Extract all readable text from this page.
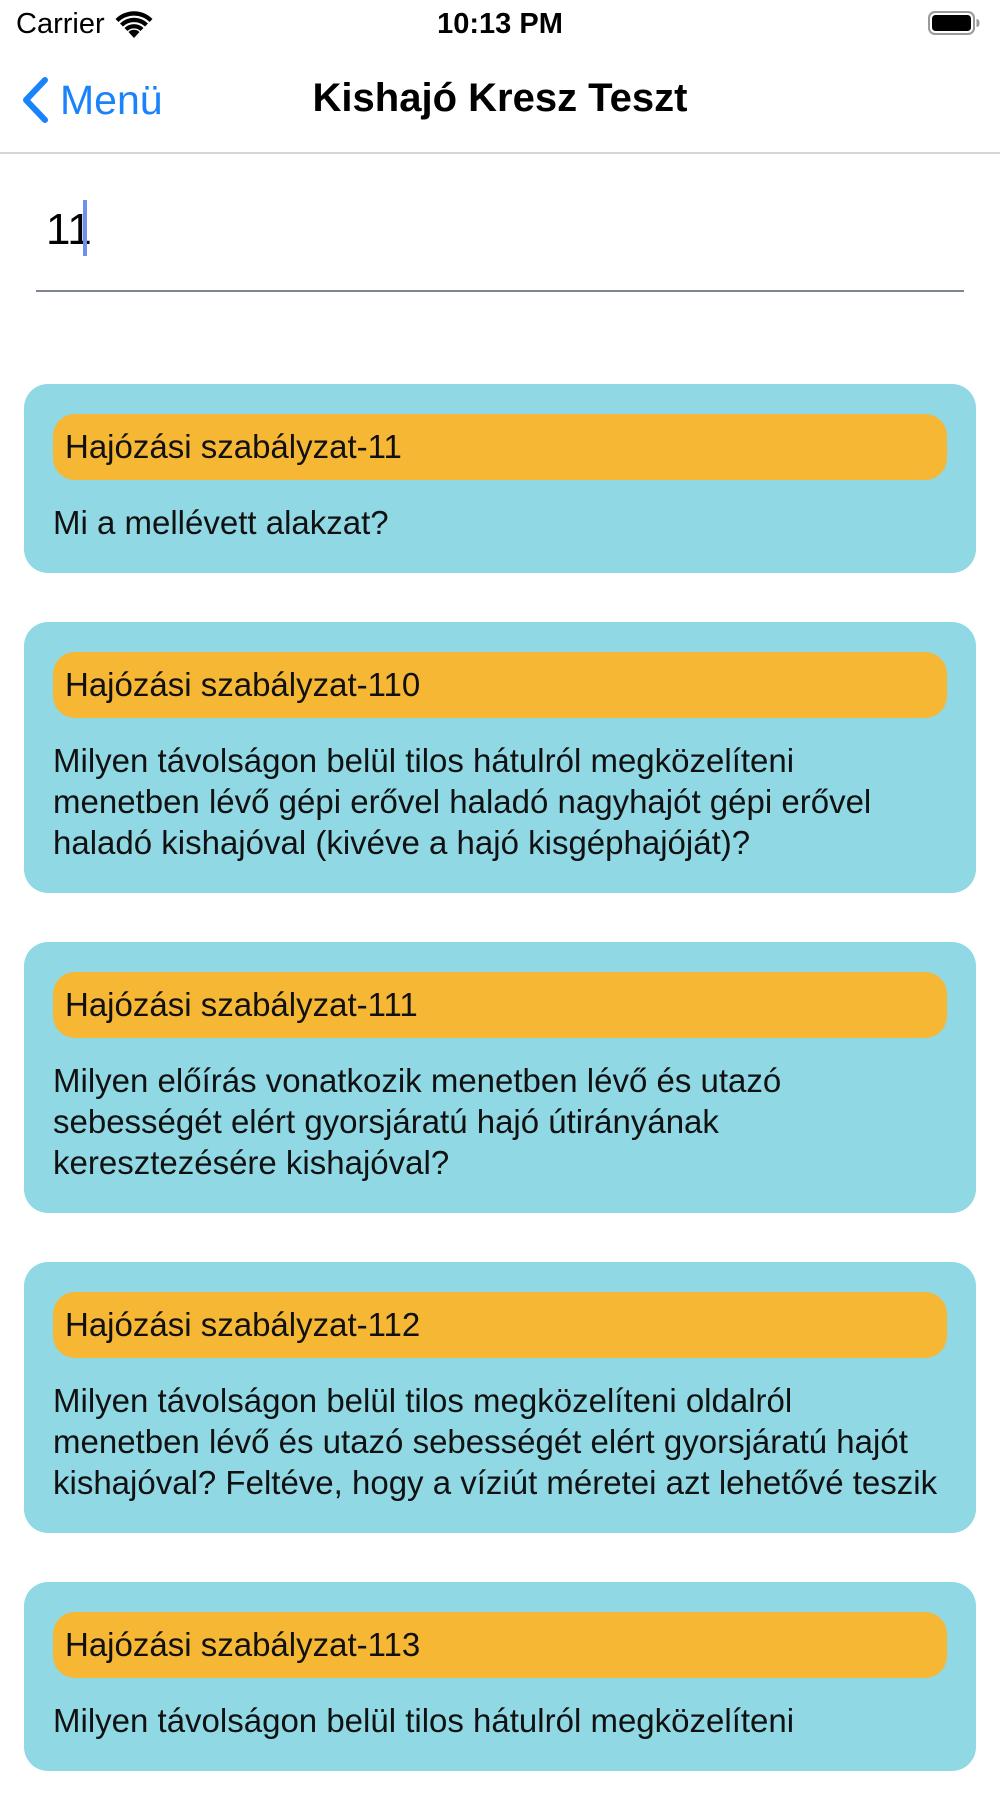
Carrier	10:13 PM
Menü	Kishajó Kresz Teszt
11
Hajózási szabályzat-11
Mi a mellévett alakzat?
Hajózási szabályzat-110
Milyen távolságon belül tilos hátulról megközelíteni menetben lévő gépi erővel haladó nagyhajót gépi erővel haladó kishajóval (kivéve a hajó kisgéphajóját)?
Hajózási szabályzat-111
Milyen előírás vonatkozik menetben lévő és utazó sebességét elért gyorsjáratú hajó útirányának keresztezésére kishajóval?
Hajózási szabályzat-112
Milyen távolságon belül tilos megközelíteni oldalról menetben lévő és utazó sebességét elért gyorsjáratú hajót kishajóval? Feltéve, hogy a víziút méretei azt lehetővé teszik
Hajózási szabályzat-113
Milyen távolságon belül tilos hátulról megközelíteni
